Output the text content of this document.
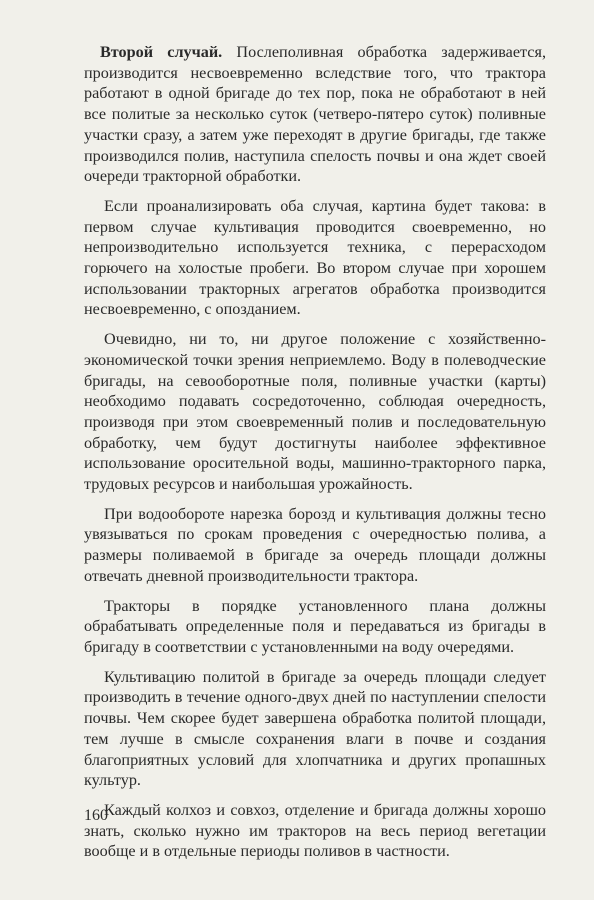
Второй случай. Послеполивная обработка задерживается, производится несвоевременно вследствие того, что трактора работают в одной бригаде до тех пор, пока не обработают в ней все политые за несколько суток (четверо-пятеро суток) поливные участки сразу, а затем уже переходят в другие бригады, где также производился полив, наступила спелость почвы и она ждет своей очереди тракторной обработки.

Если проанализировать оба случая, картина будет такова: в первом случае культивация проводится своевременно, но непроизводительно используется техника, с перерасходом горючего на холостые пробеги. Во втором случае при хорошем использовании тракторных агрегатов обработка производится несвоевременно, с опозданием.

Очевидно, ни то, ни другое положение с хозяйственно-экономической точки зрения неприемлемо. Воду в полеводческие бригады, на севооборотные поля, поливные участки (карты) необходимо подавать сосредоточенно, соблюдая очередность, производя при этом своевременный полив и последовательную обработку, чем будут достигнуты наиболее эффективное использование оросительной воды, машинно-тракторного парка, трудовых ресурсов и наибольшая урожайность.

При водообороте нарезка борозд и культивация должны тесно увязываться по срокам проведения с очередностью полива, а размеры поливаемой в бригаде за очередь площади должны отвечать дневной производительности трактора.

Тракторы в порядке установленного плана должны обрабатывать определенные поля и передаваться из бригады в бригаду в соответствии с установленными на воду очередями.

Культивацию политой в бригаде за очередь площади следует производить в течение одного-двух дней по наступлении спелости почвы. Чем скорее будет завершена обработка политой площади, тем лучше в смысле сохранения влаги в почве и создания благоприятных условий для хлопчатника и других пропашных культур.

Каждый колхоз и совхоз, отделение и бригада должны хорошо знать, сколько нужно им тракторов на весь период вегетации вообще и в отдельные периоды поливов в частности.

160
